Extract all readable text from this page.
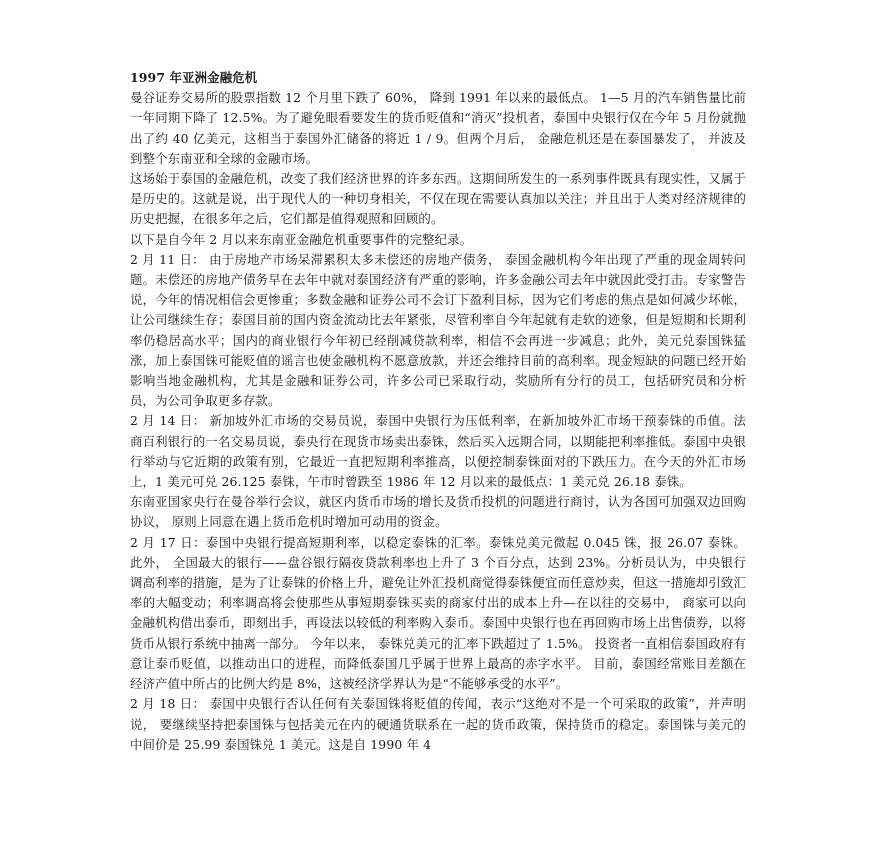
1997 年亚洲金融危机

曼谷证券交易所的股票指数 12 个月里下跌了 60%， 降到 1991 年以来的最低点。 1—5 月的汽车销售量比前一年同期下降了 12.5%。为了避免眼看要发生的货币贬值和“消灭”投机者，泰国中央银行仅在今年 5 月份就抛出了约 40 亿美元，这相当于泰国外汇储备的将近 1 / 9。但两个月后， 金融危机还是在泰国暴发了， 并波及到整个东南亚和全球的金融市场。

这场始于泰国的金融危机，改变了我们经济世界的许多东西。这期间所发生的一系列事件既具有现实性，又属于是历史的。这就是说，出于现代人的一种切身相关，不仅在现在需要认真加以关注；并且出于人类对经济规律的历史把握，在很多年之后，它们都是值得观照和回顾的。

以下是自今年 2 月以来东南亚金融危机重要事件的完整纪录。

2 月 11 日： 由于房地产市场呆滞累积太多未偿还的房地产债务， 泰国金融机构今年出现了严重的现金周转问题。未偿还的房地产债务早在去年中就对泰国经济有严重的影响，许多金融公司去年中就因此受打击。专家警告说，今年的情况相信会更惨重；多数金融和证券公司不会订下盈利目标，因为它们考虑的焦点是如何减少坏帐，让公司继续生存；泰国目前的国内资金流动比去年紧张，尽管利率自今年起就有走软的迹象，但是短期和长期利率仍稳居高水平；国内的商业银行今年初已经削减贷款利率，相信不会再进一步减息；此外，美元兑泰国铢猛涨，加上泰国铢可能贬值的谣言也使金融机构不愿意放款，并还会维持目前的高利率。现金短缺的问题已经开始影响当地金融机构，尤其是金融和证券公司，许多公司已采取行动，奖励所有分行的员工，包括研究员和分析员，为公司争取更多存款。

2 月 14 日： 新加坡外汇市场的交易员说，泰国中央银行为压低利率，在新加坡外汇市场干预泰铢的币值。法商百利银行的一名交易员说，泰央行在现货市场卖出泰铢，然后买入远期合同，以期能把利率推低。泰国中央银行举动与它近期的政策有别，它最近一直把短期利率推高，以便控制泰铢面对的下跌压力。在今天的外汇市场上，1 美元可兑 26.125 泰铢，午市时曾跌至 1986 年 12 月以来的最低点：1 美元兑 26.18 泰铢。

东南亚国家央行在曼谷举行会议，就区内货币市场的增长及货币投机的问题进行商讨，认为各国可加强双边回购协议， 原则上同意在遇上货币危机时增加可动用的资金。

2 月 17 日：泰国中央银行提高短期利率，以稳定泰铢的汇率。泰铢兑美元微起 0.045 铢，报 26.07 泰铢。 此外， 全国最大的银行——盘谷银行隔夜贷款利率也上升了 3 个百分点，达到 23%。分析员认为，中央银行调高利率的措施，是为了让泰铢的价格上升，避免让外汇投机商觉得泰铢便宜而任意炒卖，但这一措施却引致汇率的大幅变动；利率调高将会使那些从事短期泰铢买卖的商家付出的成本上升—在以往的交易中， 商家可以向金融机构借出泰币，即刻出手，再设法以较低的利率购入泰币。泰国中央银行也在再回购市场上出售债券，以将货币从银行系统中抽离一部分。 今年以来， 泰铢兑美元的汇率下跌超过了 1.5%。 投资者一直相信泰国政府有意让泰币贬值，以推动出口的进程，而降低泰国几乎属于世界上最高的赤字水平。 目前，泰国经常账目差额在经济产值中所占的比例大约是 8%，这被经济学界认为是“不能够承受的水平”。

2 月 18 日： 泰国中央银行否认任何有关泰国铢将贬值的传闻，表示“这绝对不是一个可采取的政策”，并声明说， 要继续坚持把泰国铢与包括美元在内的硬通货联系在一起的货币政策，保持货币的稳定。泰国铢与美元的中间价是 25.99 泰国铢兑 1 美元。这是自 1990 年 4
